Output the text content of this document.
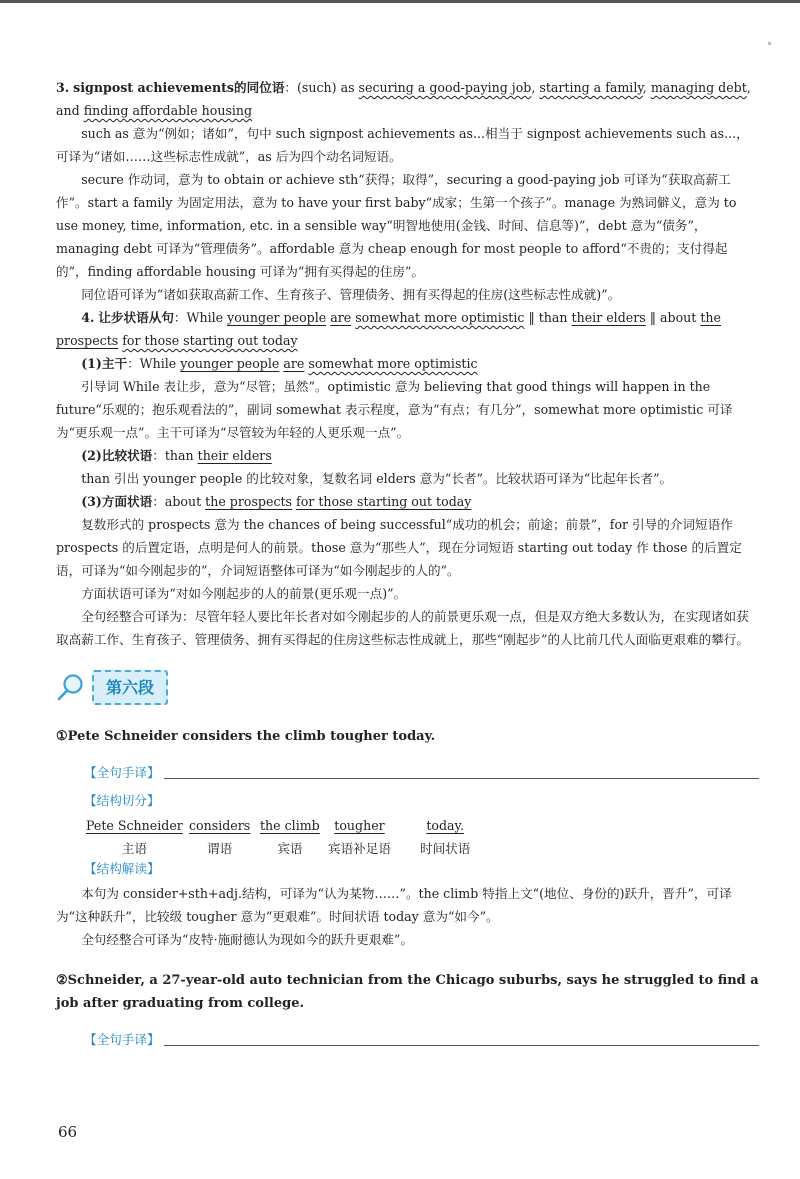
3. signpost achievements的同位语：(such) as securing a good-paying job, starting a family, managing debt, and finding affordable housing

such as 意为“例如；诸如”，句中 such signpost achievements as...相当于 signpost achievements such as...，可译为“诸如……这些标志性成就”，as 后为四个动名词短语。

secure 作动词，意为 to obtain or achieve sth“获得；取得”，securing a good-paying job 可译为“获取高薪工作”。start a family 为固定用法，意为 to have your first baby“成家；生第一个孩子”。manage 为熟词僻义，意为 to use money, time, information, etc. in a sensible way“明智地使用(金钱、时间、信息等)”，debt 意为“债务”，managing debt 可译为“管理债务”。affordable 意为 cheap enough for most people to afford“不贵的；支付得起的”，finding affordable housing 可译为“拥有买得起的住房”。

同位语可译为“诸如获取高薪工作、生育孩子、管理债务、拥有买得起的住房(这些标志性成就)”。

4. 让步状语从句：While younger people are somewhat more optimistic ‖ than their elders ‖ about the prospects for those starting out today

(1)主干：While younger people are somewhat more optimistic

引导词 While 表让步，意为“尽管；虽然”。optimistic 意为 believing that good things will happen in the future“乐观的；抱乐观看法的”，副词 somewhat 表示程度，意为“有点；有几分”，somewhat more optimistic 可译为“更乐观一点”。主干可译为“尽管较为年轻的人更乐观一点”。

(2)比较状语：than their elders

than 引出 younger people 的比较对象，复数名词 elders 意为“长者”。比较状语可译为“比起年长者”。

(3)方面状语：about the prospects for those starting out today

复数形式的 prospects 意为 the chances of being successful“成功的机会；前途；前景”，for 引导的介词短语作 prospects 的后置定语，点明是何人的前景。those 意为“那些人”，现在分词短语 starting out today 作 those 的后置定语，可译为“如今刚起步的”，介词短语整体可译为“如今刚起步的人的”。

方面状语可译为“对如今刚起步的人的前景(更乐观一点)”。

全句经整合可译为：尽管年轻人要比年长者对如今刚起步的人的前景更乐观一点，但是双方绝大多数认为，在实现诸如获取高薪工作、生育孩子、管理债务、拥有买得起的住房这些标志性成就上，那些“刚起步”的人比前几代人面临更艰难的攀行。

第六段

①Pete Schneider considers the climb tougher today.

【全句手译】
【结构切分】
Pete Schneider
主语
considers
谓语
the climb
宾语
tougher
宾语补足语
today.
时间状语
【结构解读】

本句为 consider+sth+adj.结构，可译为“认为某物……”。the climb 特指上文“(地位、身份的)跃升，晋升”，可译为“这种跃升”，比较级 tougher 意为“更艰难”。时间状语 today 意为“如今”。

全句经整合可译为“皮特·施耐德认为现如今的跃升更艰难”。

②Schneider, a 27-year-old auto technician from the Chicago suburbs, says he struggled to find a job after graduating from college.

【全句手译】
66
